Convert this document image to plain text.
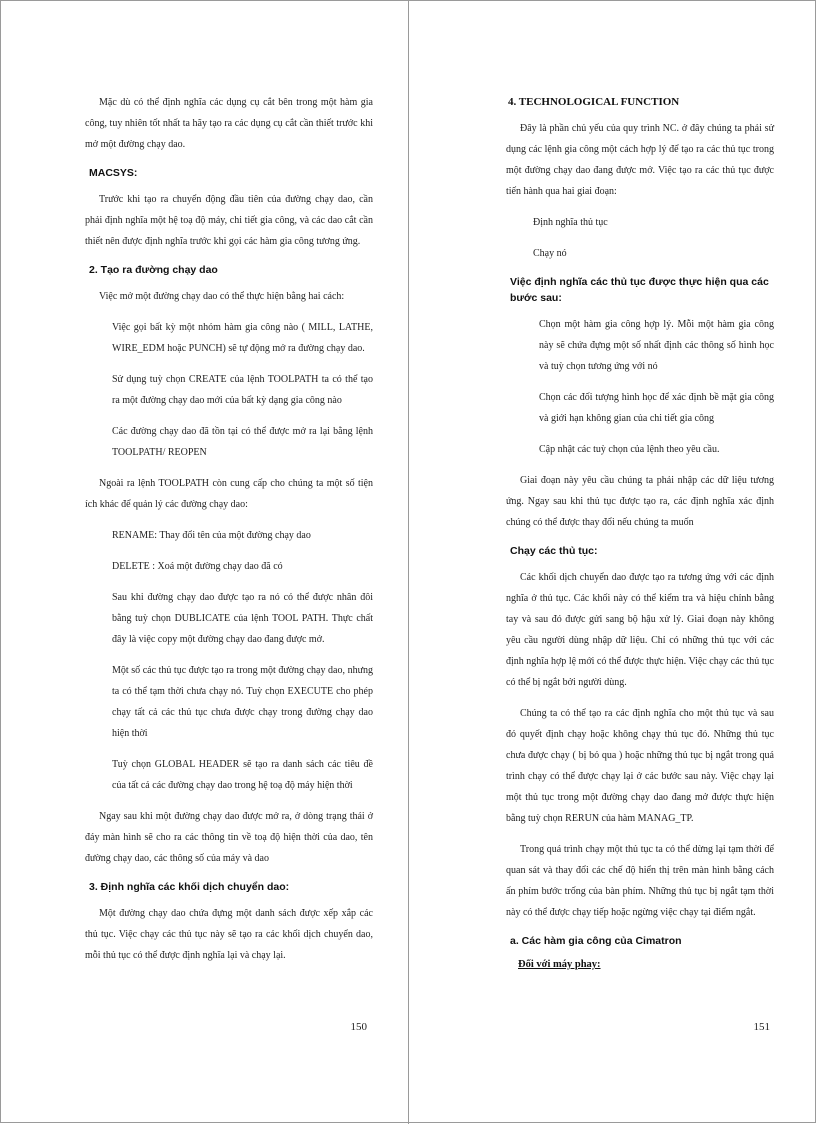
Mặc dù có thể định nghĩa các dụng cụ cắt bên trong một hàm gia công, tuy nhiên tốt nhất ta hãy tạo ra các dụng cụ cắt cần thiết trước khi mở một đường chạy dao.

MACSYS:

Trước khi tạo ra chuyển động đầu tiên của đường chạy dao, cần phải định nghĩa một hệ toạ độ máy, chi tiết gia công, và các dao cắt cần thiết nên được định nghĩa trước khi gọi các hàm gia công tương ứng.

2. Tạo ra đường chạy dao

Việc mở một đường chạy dao có thể thực hiện bằng hai cách:

Việc gọi bất kỳ một nhóm hàm gia công nào ( MILL, LATHE, WIRE_EDM hoặc PUNCH) sẽ tự động mở ra đường chạy dao.

Sử dụng tuỳ chọn CREATE của lệnh TOOLPATH ta có thể tạo ra một đường chạy dao mới của bất kỳ dạng gia công nào

Các đường chạy dao đã tồn tại có thể được mở ra lại bằng lệnh TOOLPATH/ REOPEN

Ngoài ra lệnh TOOLPATH còn cung cấp cho chúng ta một số tiện ích khác để quản lý các đường chạy dao:

RENAME: Thay đổi tên của một đường chạy dao

DELETE : Xoá một đường chạy dao đã có

Sau khi đường chạy dao được tạo ra nó có thể được nhân đôi bằng tuỳ chọn DUBLICATE của lệnh TOOL PATH. Thực chất đây là việc copy một đường chạy dao đang được mở.

Một số các thủ tục được tạo ra trong một đường chạy dao, nhưng ta có thể tạm thời chưa chạy nó. Tuỳ chọn EXECUTE cho phép chạy tất cả các thủ tục chưa được chạy trong đường chạy dao hiện thời

Tuỳ chọn GLOBAL HEADER sẽ tạo ra danh sách các tiêu đề của tất cả các đường chạy dao trong hệ toạ độ máy hiện thời

Ngay sau khi một đường chạy dao được mở ra, ở dòng trạng thái ở đáy màn hình sẽ cho ra các thông tin về toạ độ hiện thời của dao, tên đường chạy dao, các thông số của máy và dao

3. Định nghĩa các khối dịch chuyển dao:

Một đường chạy dao chứa đựng một danh sách được xếp xắp các thủ tục. Việc chạy các thủ tục này sẽ tạo ra các khối dịch chuyển dao, mỗi thủ tục có thể được định nghĩa lại và chạy lại.

150
4. TECHNOLOGICAL FUNCTION

Đây là phần chủ yếu của quy trình NC. ở đây chúng ta phải sử dụng các lệnh gia công một cách hợp lý để tạo ra các thủ tục trong một đường chạy dao đang được mở. Việc tạo ra các thủ tục được tiến hành qua hai giai đoạn:

Định nghĩa thủ tục

Chạy nó

Việc định nghĩa các thủ tục được thực hiện qua các bước sau:

Chọn một hàm gia công hợp lý. Mỗi một hàm gia công này sẽ chứa đựng một số nhất định các thông số hình học và tuỳ chọn tương ứng với nó

Chọn các đối tượng hình học để xác định bề mặt gia công và giới hạn không gian của chi tiết gia công

Cập nhật các tuỳ chọn của lệnh theo yêu cầu.

Giai đoạn này yêu cầu chúng ta phải nhập các dữ liệu tương ứng. Ngay sau khi thủ tục được tạo ra, các định nghĩa xác định chúng có thể được thay đổi nếu chúng ta muốn

Chạy các thủ tục:

Các khối dịch chuyển dao được tạo ra tương ứng với các định nghĩa ở thủ tục. Các khối này có thể kiểm tra và hiệu chỉnh bằng tay và sau đó được gửi sang bộ hậu xử lý. Giai đoạn này không yêu cầu người dùng nhập dữ liệu. Chỉ có những thủ tục với các định nghĩa hợp lệ mới có thể được thực hiện. Việc chạy các thủ tục có thể bị ngắt bởi người dùng.

Chúng ta có thể tạo ra các định nghĩa cho một thủ tục và sau đó quyết định chạy hoặc không chạy thủ tục đó. Những thủ tục chưa được chạy ( bị bỏ qua ) hoặc những thủ tục bị ngắt trong quá trình chạy có thể được chạy lại ở các bước sau này. Việc chạy lại một thủ tục trong một đường chạy dao đang mở được thực hiện bằng tuỳ chọn RERUN của hàm MANAG_TP.

Trong quá trình chạy một thủ tục ta có thể dừng lại tạm thời để quan sát và thay đổi các chế độ hiển thị trên màn hình bằng cách ấn phím bước trống của bàn phím. Những thủ tục bị ngắt tạm thời này có thể được chạy tiếp hoặc ngừng việc chạy tại điểm ngắt.

a. Các hàm gia công của Cimatron
Đối với máy phay:
151
